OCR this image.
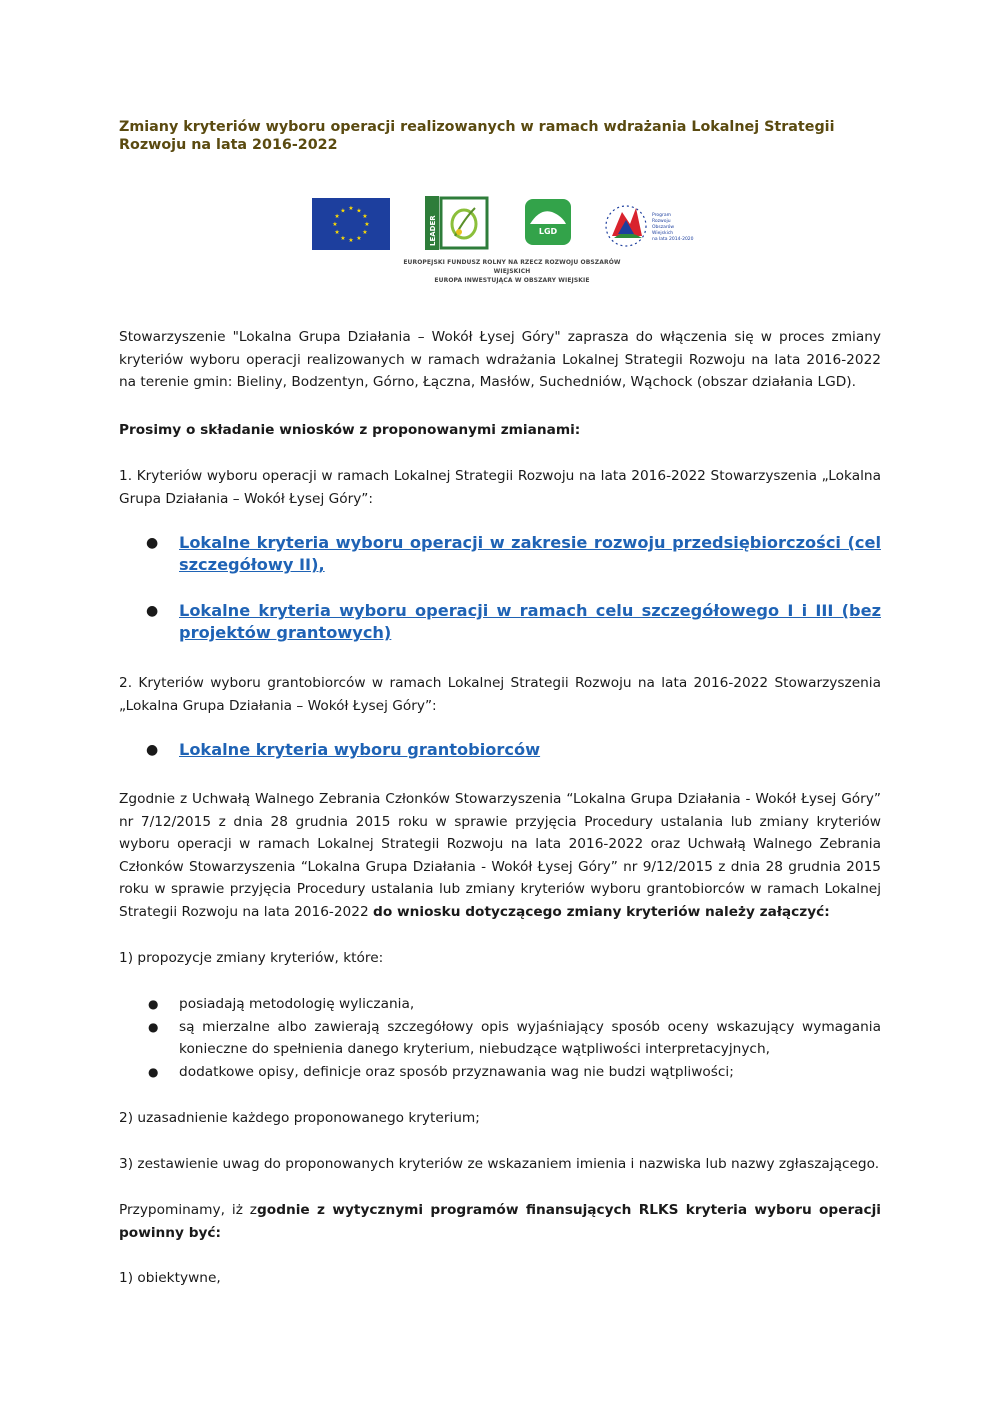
Zmiany kryteriów wyboru operacji realizowanych w ramach wdrażania Lokalnej Strategii Rozwoju na lata 2016-2022

★ ★
★
★
★
★
★
★
★
★
★
★
LEADER	LGD
Program
Rozwoju
Obszarów
Wiejskich
na lata 2014-2020
EUROPEJSKI FUNDUSZ ROLNY NA RZECZ ROZWOJU OBSZARÓW WIEJSKICH
EUROPA INWESTUJĄCA W OBSZARY WIEJSKIE

Stowarzyszenie "Lokalna Grupa Działania – Wokół Łysej Góry" zaprasza do włączenia się w proces zmiany kryteriów wyboru operacji realizowanych w ramach wdrażania Lokalnej Strategii Rozwoju na lata 2016-2022 na terenie gmin: Bieliny, Bodzentyn, Górno, Łączna, Masłów, Suchedniów, Wąchock (obszar działania LGD).

Prosimy o składanie wniosków z proponowanymi zmianami:

1. Kryteriów wyboru operacji w ramach Lokalnej Strategii Rozwoju na lata 2016-2022 Stowarzyszenia „Lokalna Grupa Działania – Wokół Łysej Góry”:

● Lokalne kryteria wyboru operacji w zakresie rozwoju przedsiębiorczości (cel szczegółowy II),
● Lokalne kryteria wyboru operacji w ramach celu szczegółowego I i III (bez projektów grantowych)

2. Kryteriów wyboru grantobiorców w ramach Lokalnej Strategii Rozwoju na lata 2016-2022 Stowarzyszenia „Lokalna Grupa Działania – Wokół Łysej Góry”:

● Lokalne kryteria wyboru grantobiorców

Zgodnie z Uchwałą Walnego Zebrania Członków Stowarzyszenia “Lokalna Grupa Działania - Wokół Łysej Góry” nr 7/12/2015 z dnia 28 grudnia 2015 roku w sprawie przyjęcia Procedury ustalania lub zmiany kryteriów wyboru operacji w ramach Lokalnej Strategii Rozwoju na lata 2016-2022 oraz Uchwałą Walnego Zebrania Członków Stowarzyszenia “Lokalna Grupa Działania - Wokół Łysej Góry” nr 9/12/2015 z dnia 28 grudnia 2015 roku w sprawie przyjęcia Procedury ustalania lub zmiany kryteriów wyboru grantobiorców w ramach Lokalnej Strategii Rozwoju na lata 2016-2022 do wniosku dotyczącego zmiany kryteriów należy załączyć:

1) propozycje zmiany kryteriów, które:

● posiadają metodologię wyliczania,
● są mierzalne albo zawierają szczegółowy opis wyjaśniający sposób oceny wskazujący wymagania konieczne do spełnienia danego kryterium, niebudzące wątpliwości interpretacyjnych,
● dodatkowe opisy, definicje oraz sposób przyznawania wag nie budzi wątpliwości;

2) uzasadnienie każdego proponowanego kryterium;

3) zestawienie uwag do proponowanych kryteriów ze wskazaniem imienia i nazwiska lub nazwy zgłaszającego.

Przypominamy, iż zgodnie z wytycznymi programów finansujących RLKS kryteria wyboru operacji powinny być:

1) obiektywne,
